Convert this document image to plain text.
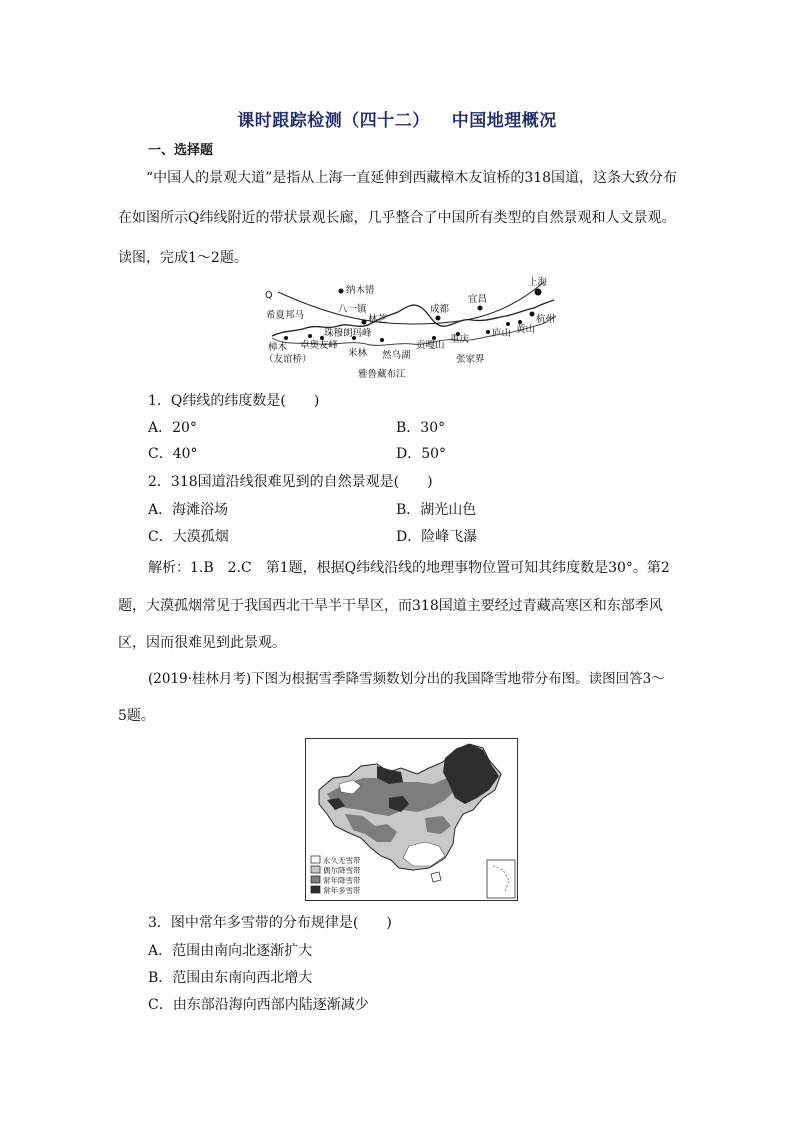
课时跟踪检测（四十二） 中国地理概况
一、选择题
“中国人的景观大道”是指从上海一直延伸到西藏樟木友谊桥的318国道，这条大致分布在如图所示Q纬线附近的带状景观长廊，几乎整合了中国所有类型的自然景观和人文景观。读图，完成1～2题。
Q	纳木错
上海
宜昌
成都
八一镇
希夏邦马	林芝	杭州
珠穆朗玛峰
卓奥友峰	贡嘎山
重庆
庐山 黄山
樟木
（友谊桥）
米林 然乌湖	张家界
雅鲁藏布江
1．Q纬线的纬度数是(　　)
A．20°	B．30°
C．40°	D．50°
2．318国道沿线很难见到的自然景观是(　　)
A．海滩浴场	B．湖光山色
C．大漠孤烟	D．险峰飞瀑
解析：1.B　2.C　第1题，根据Q纬线沿线的地理事物位置可知其纬度数是30°。第2
题，大漠孤烟常见于我国西北干旱半干旱区，而318国道主要经过青藏高寒区和东部季风
区，因而很难见到此景观。
(2019·桂林月考)下图为根据雪季降雪频数划分出的我国降雪地带分布图。读图回答3～
5题。
永久无雪带
偶尔降雪带
常年降雪带
常年多雪带
3．图中常年多雪带的分布规律是(　　)
A．范围由南向北逐渐扩大
B．范围由东南向西北增大
C．由东部沿海向西部内陆逐渐减少
